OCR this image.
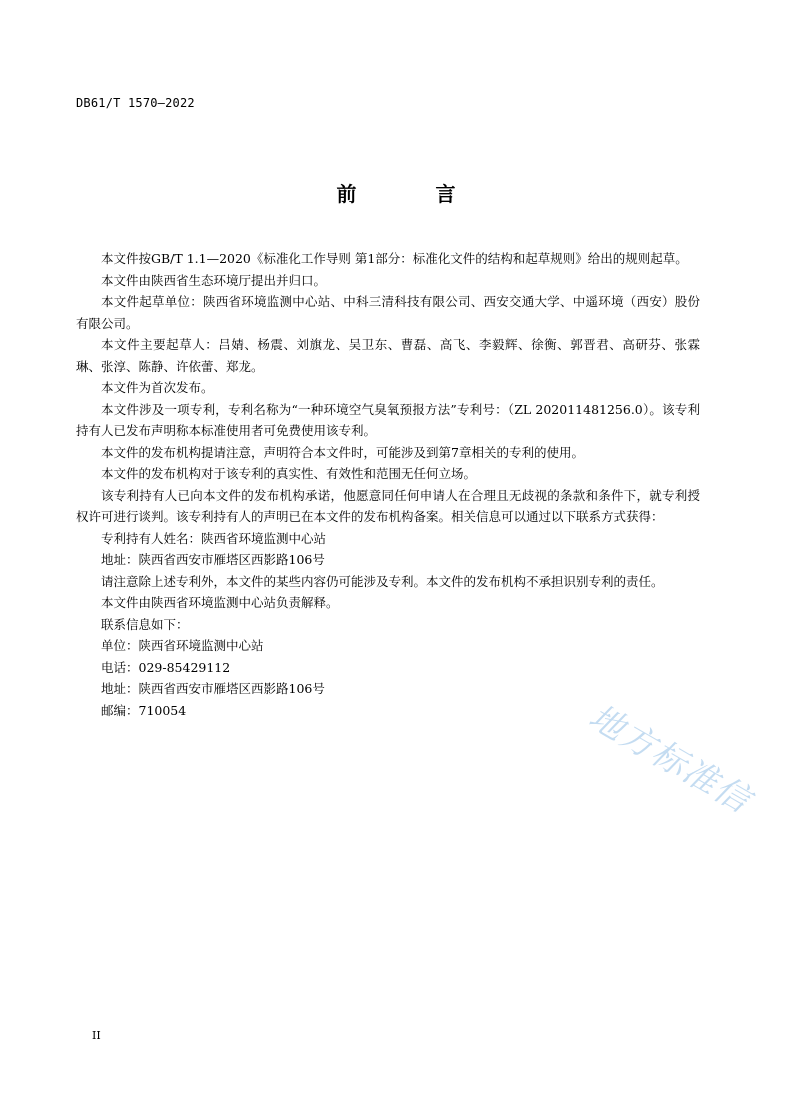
DB61/T 1570—2022
前 言

本文件按GB/T 1.1—2020《标准化工作导则 第1部分：标准化文件的结构和起草规则》给出的规则起草。

本文件由陕西省生态环境厅提出并归口。

本文件起草单位：陕西省环境监测中心站、中科三清科技有限公司、西安交通大学、中遥环境（西安）股份有限公司。

本文件主要起草人：吕婧、杨震、刘旗龙、吴卫东、曹磊、高飞、李毅辉、徐衡、郭晋君、高研芬、张霖琳、张淳、陈静、许依蕾、郑龙。

本文件为首次发布。

本文件涉及一项专利，专利名称为“一种环境空气臭氧预报方法”专利号：（ZL 202011481256.0）。该专利持有人已发布声明称本标准使用者可免费使用该专利。

本文件的发布机构提请注意，声明符合本文件时，可能涉及到第7章相关的专利的使用。

本文件的发布机构对于该专利的真实性、有效性和范围无任何立场。

该专利持有人已向本文件的发布机构承诺，他愿意同任何申请人在合理且无歧视的条款和条件下，就专利授权许可进行谈判。该专利持有人的声明已在本文件的发布机构备案。相关信息可以通过以下联系方式获得：

专利持有人姓名：陕西省环境监测中心站

地址：陕西省西安市雁塔区西影路106号

请注意除上述专利外，本文件的某些内容仍可能涉及专利。本文件的发布机构不承担识别专利的责任。

本文件由陕西省环境监测中心站负责解释。

联系信息如下：

单位：陕西省环境监测中心站

电话：029-85429112

地址：陕西省西安市雁塔区西影路106号

邮编：710054	地方标准信
II
